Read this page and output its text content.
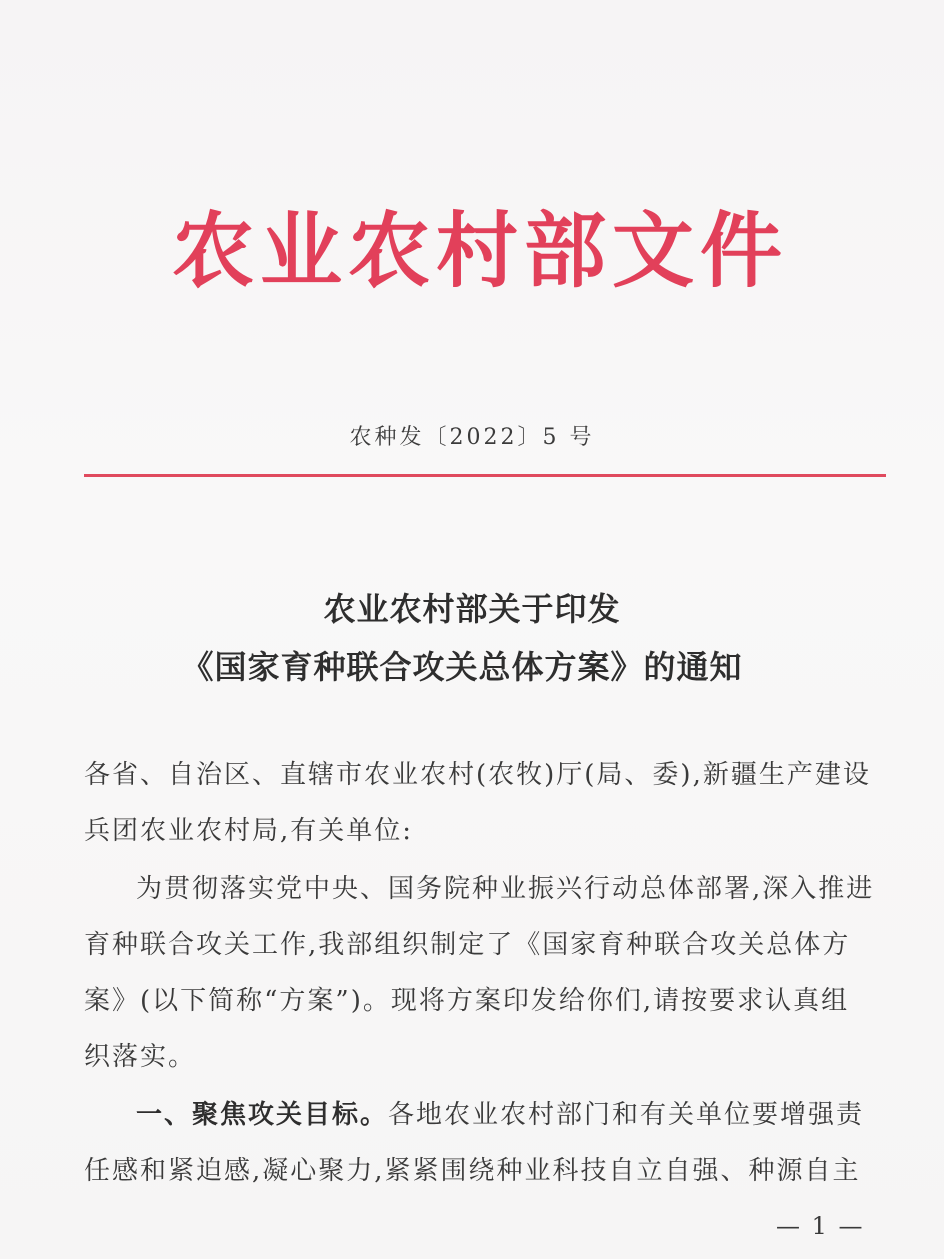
农业农村部文件
农种发〔2022〕5 号
农业农村部关于印发
《国家育种联合攻关总体方案》的通知
各省、自治区、直辖市农业农村(农牧)厅(局、委),新疆生产建设
兵团农业农村局,有关单位:
为贯彻落实党中央、国务院种业振兴行动总体部署,深入推进
育种联合攻关工作,我部组织制定了《国家育种联合攻关总体方
案》(以下简称“方案”)。现将方案印发给你们,请按要求认真组
织落实。
一、聚焦攻关目标。各地农业农村部门和有关单位要增强责
任感和紧迫感,凝心聚力,紧紧围绕种业科技自立自强、种源自主
— 1 —
